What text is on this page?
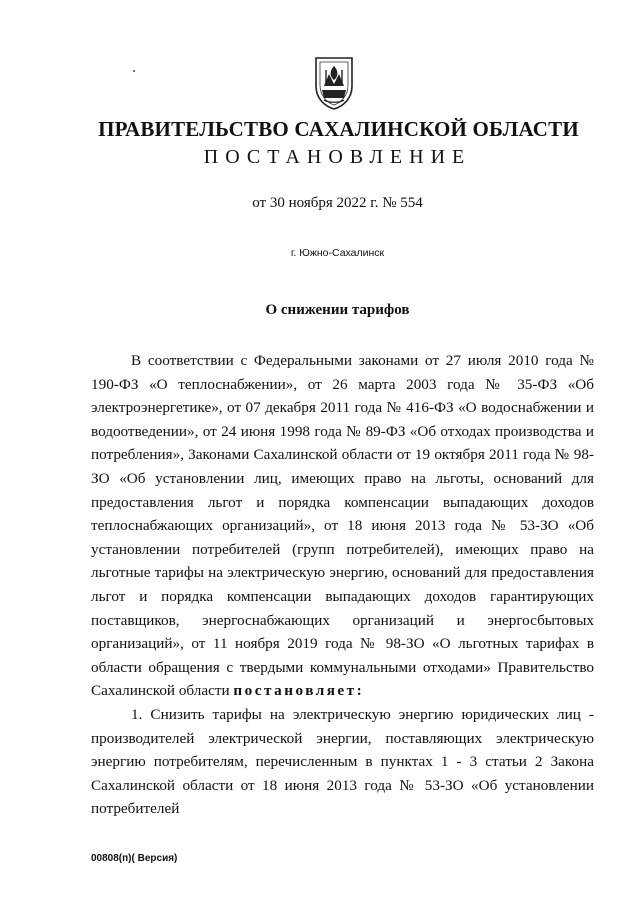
ПРАВИТЕЛЬСТВО САХАЛИНСКОЙ ОБЛАСТИ
ПОСТАНОВЛЕНИЕ
от 30 ноября 2022 г. № 554
г. Южно-Сахалинск
О снижении тарифов

В соответствии с Федеральными законами от 27 июля 2010 года № 190-ФЗ «О теплоснабжении», от 26 марта 2003 года № 35-ФЗ «Об электроэнергетике», от 07 декабря 2011 года № 416-ФЗ «О водоснабжении и водоотведении», от 24 июня 1998 года № 89-ФЗ «Об отходах производства и потребления», Законами Сахалинской области от 19 октября 2011 года № 98-ЗО «Об установлении лиц, имеющих право на льготы, оснований для предоставления льгот и порядка компенсации выпадающих доходов теплоснабжающих организаций», от 18 июня 2013 года № 53-ЗО «Об установлении потребителей (групп потребителей), имеющих право на льготные тарифы на электрическую энергию, оснований для предоставления льгот и порядка компенсации выпадающих доходов гарантирующих поставщиков, энергоснабжающих организаций и энергосбытовых организаций», от 11 ноября 2019 года № 98-ЗО «О льготных тарифах в области обращения с твердыми коммунальными отходами» Правительство Сахалинской области постановляет:

1. Снизить тарифы на электрическую энергию юридических лиц - производителей электрической энергии, поставляющих электрическую энергию потребителям, перечисленным в пунктах 1 - 3 статьи 2 Закона Сахалинской области от 18 июня 2013 года № 53-ЗО «Об установлении потребителей

00808(п)( Версия)
